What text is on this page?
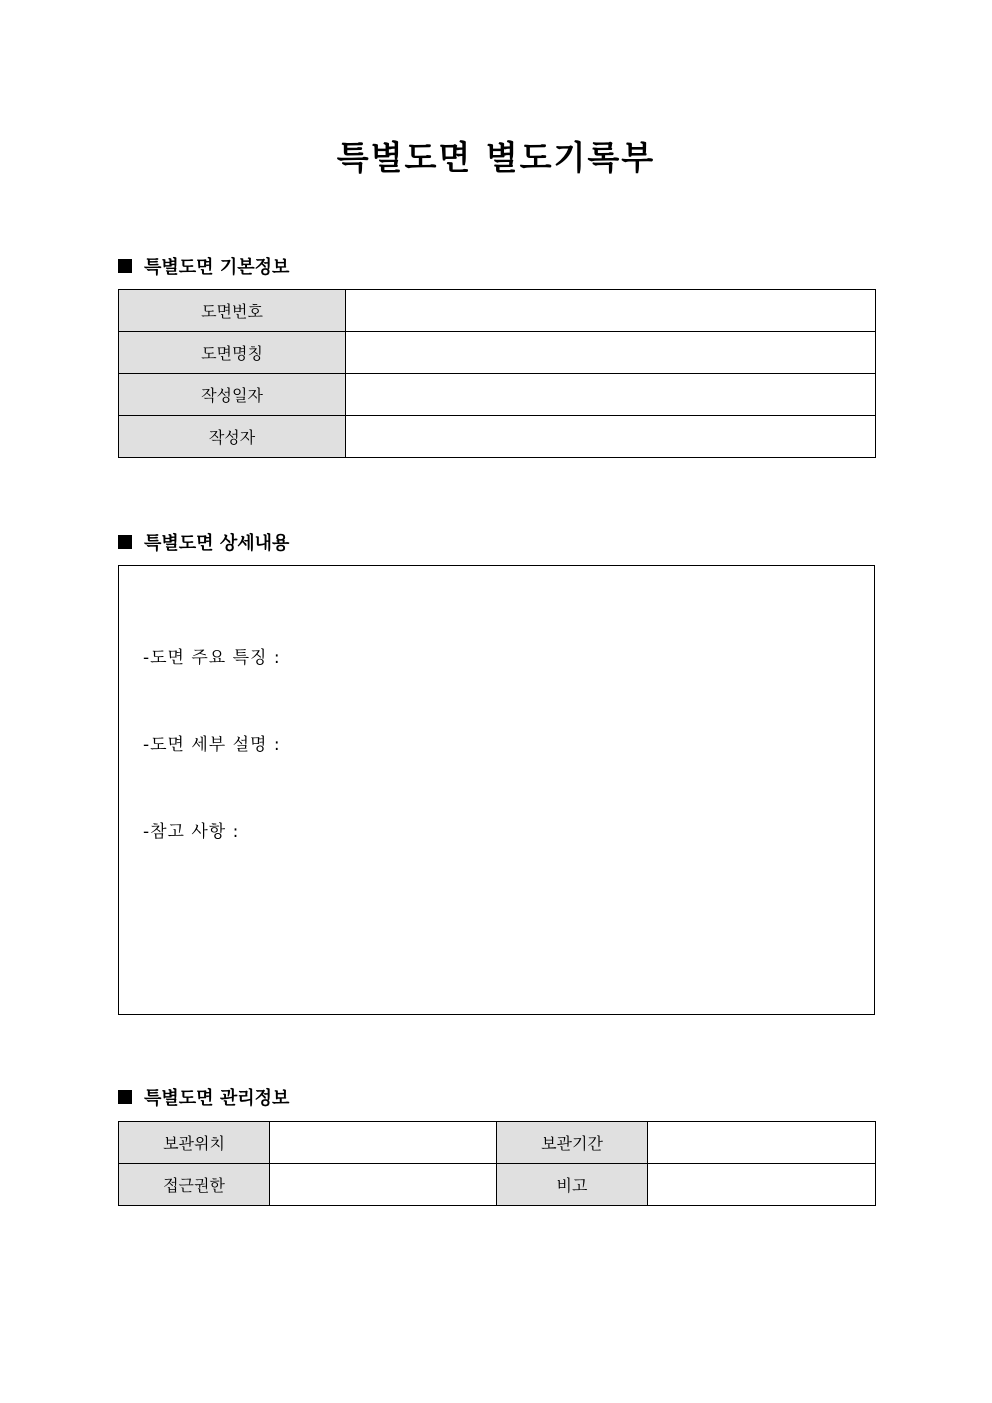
특별도면 별도기록부
특별도면 기본정보
도면번호	
도면명칭	
작성일자	
작성자	
특별도면 상세내용

-도면 주요 특징 :

-도면 세부 설명 :

-참고 사항 :

특별도면 관리정보
보관위치		보관기간	
접근권한		비고	
